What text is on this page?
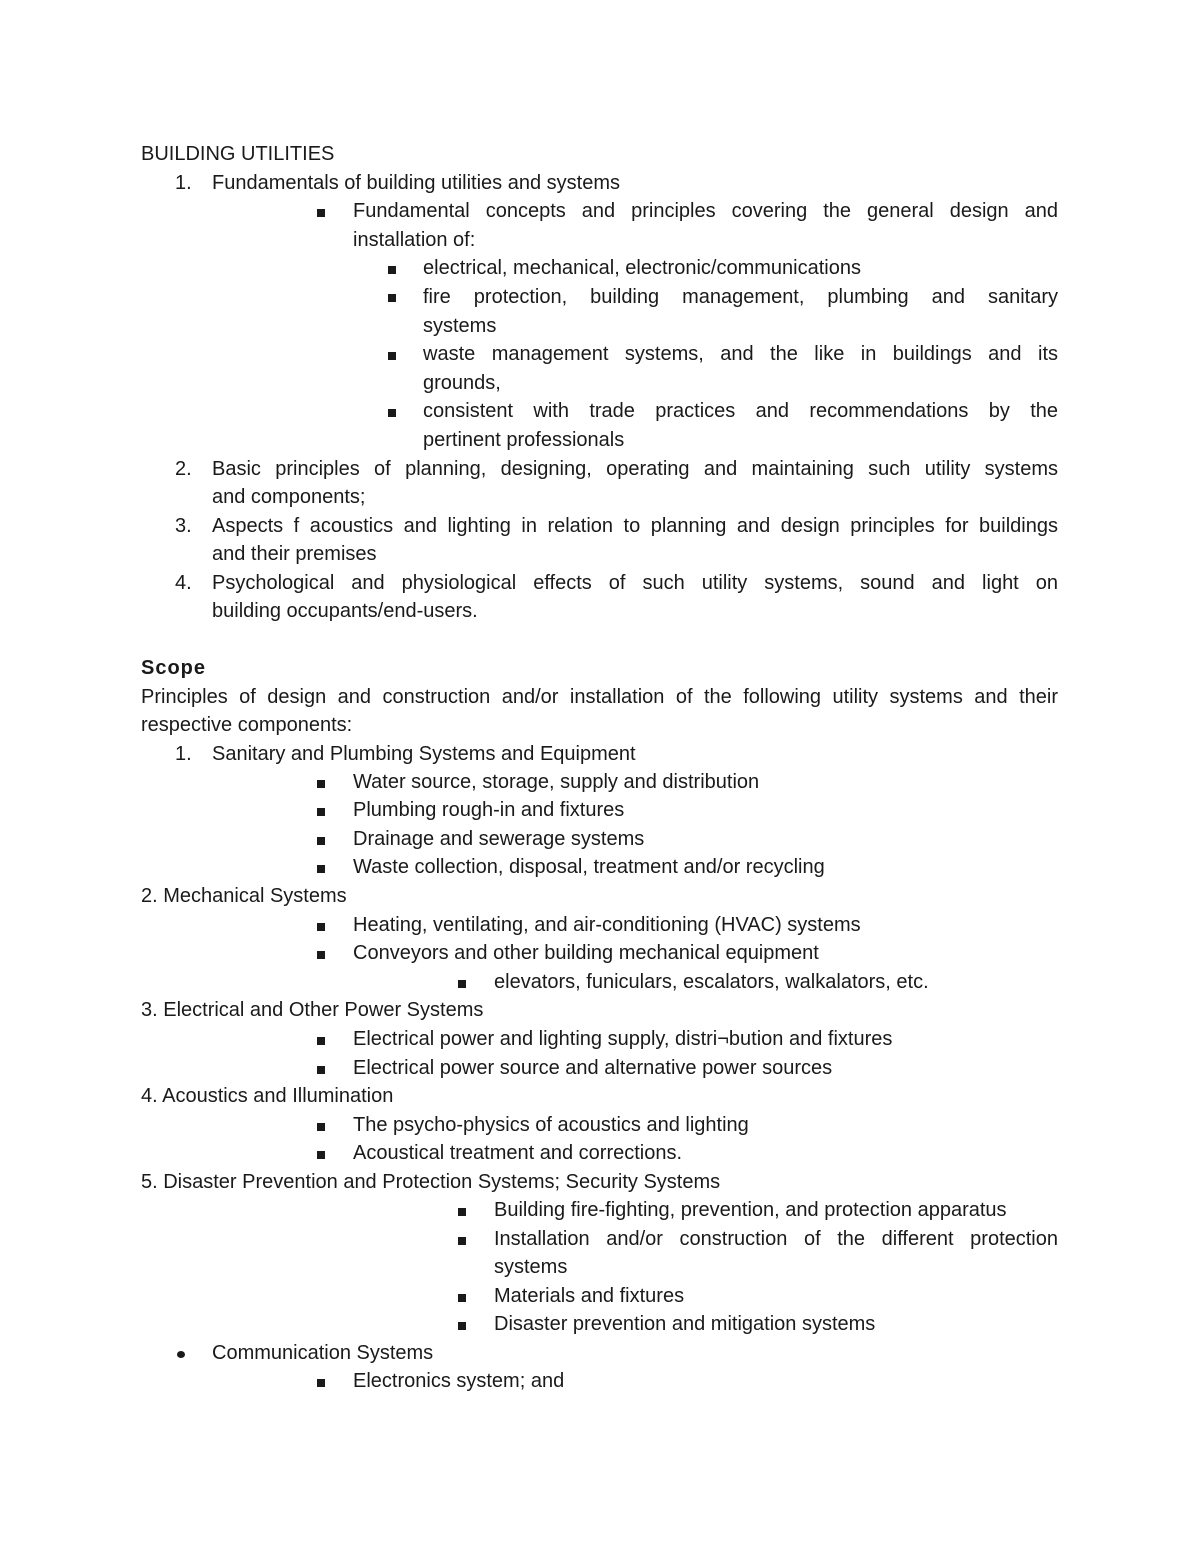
BUILDING UTILITIES
1. Fundamentals of building utilities and systems
Fundamental concepts and principles covering the general design and
installation of:
electrical, mechanical, electronic/communications
fire protection, building management, plumbing and sanitary
systems
waste management systems, and the like in buildings and its
grounds,
consistent with trade practices and recommendations by the
pertinent professionals
2. Basic principles of planning, designing, operating and maintaining such utility systems
and components;
3. Aspects f acoustics and lighting in relation to planning and design principles for buildings
and their premises
4. Psychological and physiological effects of such utility systems, sound and light on
building occupants/end-users.
Scope
Principles of design and construction and/or installation of the following utility systems and their
respective components:
1. Sanitary and Plumbing Systems and Equipment
Water source, storage, supply and distribution
Plumbing rough-in and fixtures
Drainage and sewerage systems
Waste collection, disposal, treatment and/or recycling
2. Mechanical Systems
Heating, ventilating, and air-conditioning (HVAC) systems
Conveyors and other building mechanical equipment
elevators, funiculars, escalators, walkalators, etc.
3. Electrical and Other Power Systems
Electrical power and lighting supply, distri¬bution and fixtures
Electrical power source and alternative power sources
4. Acoustics and Illumination
The psycho-physics of acoustics and lighting
Acoustical treatment and corrections.
5. Disaster Prevention and Protection Systems; Security Systems
Building fire-fighting, prevention, and protection apparatus
Installation and/or construction of the different protection
systems
Materials and fixtures
Disaster prevention and mitigation systems
Communication Systems
Electronics system; and
